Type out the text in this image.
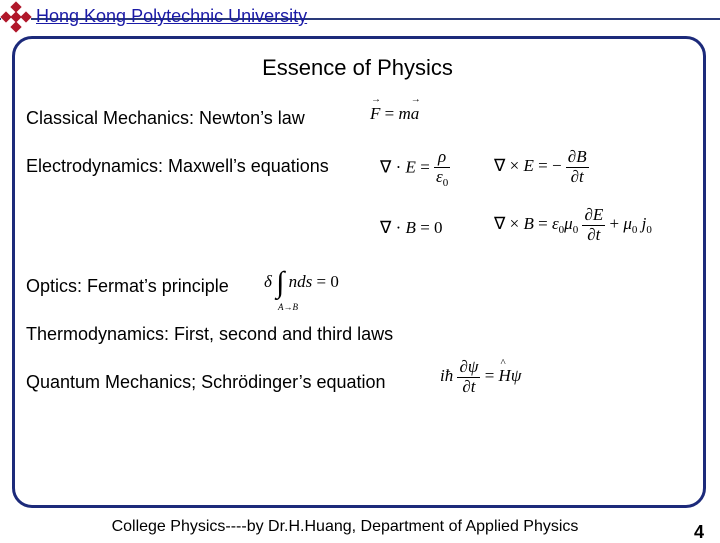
Hong Kong Polytechnic University
Essence of Physics
Classical Mechanics: Newton’s law	F
→
= ma
→
Electrodynamics: Maxwell’s equations	∇ · $E = \frac{\rho}{\varepsilon_0}$	∇ × E = − $\frac{\partial B}{\partial t}$
∇ · B = 0	∇ × $B = \varepsilon_0\mu_0 \frac{\partial E}{\partial t} + \mu_0$ $j_0$
Optics: Fermat’s principle δ ∫ nds = 0
A→B
Thermodynamics: First, second and third laws
Quantum Mechanics; Schrödinger’s equation	iħ $\frac{\partial\psi}{\partial t} = H$
^
ψ
College Physics----by Dr.H.Huang, Department of Applied Physics	4
